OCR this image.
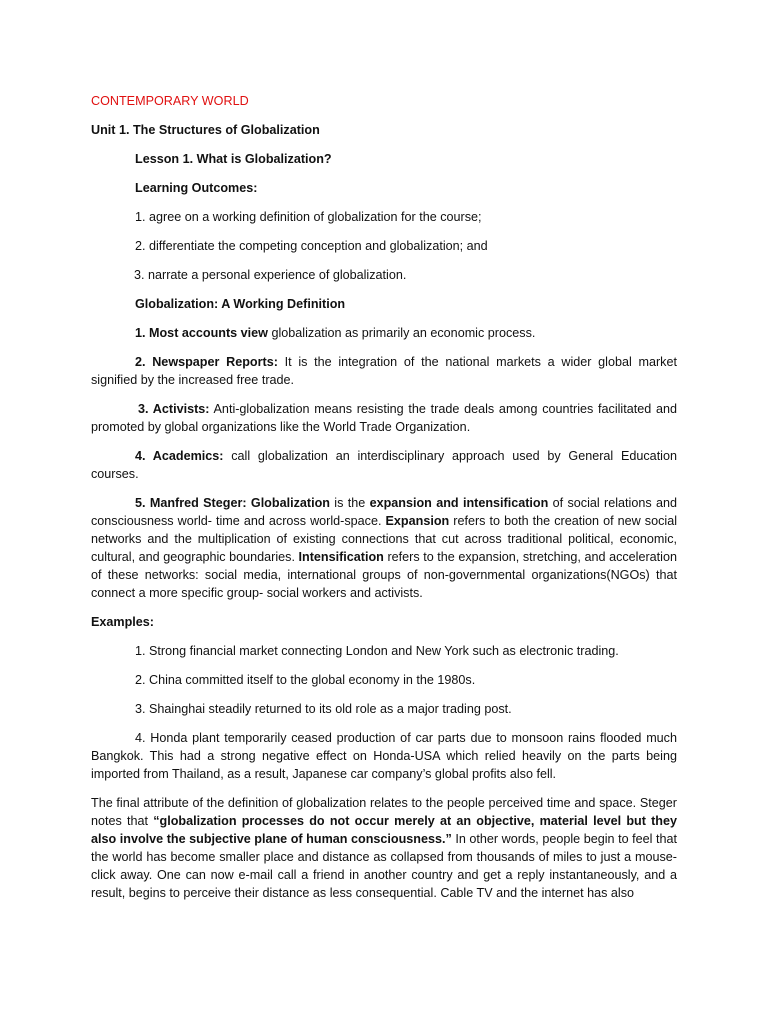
CONTEMPORARY WORLD

Unit 1. The Structures of Globalization

Lesson 1. What is Globalization?

Learning Outcomes:

1. agree on a working definition of globalization for the course;

2. differentiate the competing conception and globalization; and

3. narrate a personal experience of globalization.

Globalization: A Working Definition

1. Most accounts view globalization as primarily an economic process.

2. Newspaper Reports: It is the integration of the national markets a wider global market signified by the increased free trade.

3. Activists: Anti-globalization means resisting the trade deals among countries facilitated and promoted by global organizations like the World Trade Organization.

4. Academics: call globalization an interdisciplinary approach used by General Education courses.

5. Manfred Steger: Globalization is the expansion and intensification of social relations and consciousness world- time and across world-space. Expansion refers to both the creation of new social networks and the multiplication of existing connections that cut across traditional political, economic, cultural, and geographic boundaries. Intensification refers to the expansion, stretching, and acceleration of these networks: social media, international groups of non-governmental organizations(NGOs) that connect a more specific group- social workers and activists.

Examples:

1. Strong financial market connecting London and New York such as electronic trading.

2. China committed itself to the global economy in the 1980s.

3. Shainghai steadily returned to its old role as a major trading post.

4. Honda plant temporarily ceased production of car parts due to monsoon rains flooded much Bangkok. This had a strong negative effect on Honda-USA which relied heavily on the parts being imported from Thailand, as a result, Japanese car company’s global profits also fell.

The final attribute of the definition of globalization relates to the people perceived time and space. Steger notes that “globalization processes do not occur merely at an objective, material level but they also involve the subjective plane of human consciousness.” In other words, people begin to feel that the world has become smaller place and distance as collapsed from thousands of miles to just a mouse-click away. One can now e-mail call a friend in another country and get a reply instantaneously, and a result, begins to perceive their distance as less consequential. Cable TV and the internet has also
